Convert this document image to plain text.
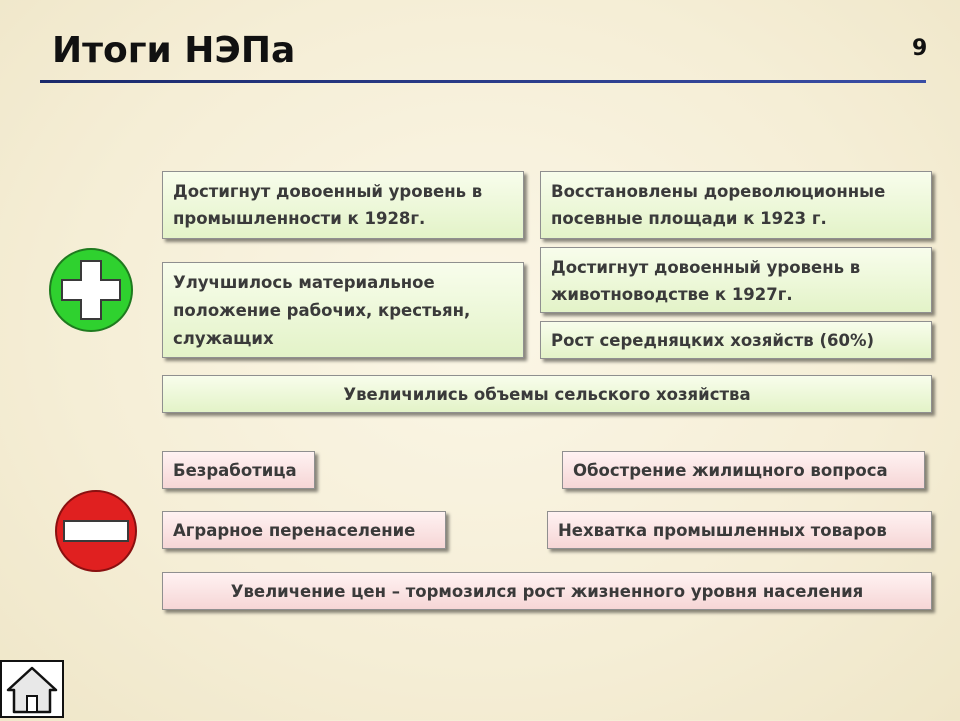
Итоги НЭПа	9
Достигнут довоенный уровень в промышленности к 1928г.
Восстановлены дореволюционные посевные площади к 1923 г.
Улучшилось материальное положение рабочих, крестьян, служащих
Достигнут довоенный уровень в животноводстве к 1927г.
Рост середняцких хозяйств (60%)
Увеличились объемы сельского хозяйства
Безработица	Обострение жилищного вопроса
Аграрное перенаселение	Нехватка промышленных товаров
Увеличение цен – тормозился рост жизненного уровня населения
